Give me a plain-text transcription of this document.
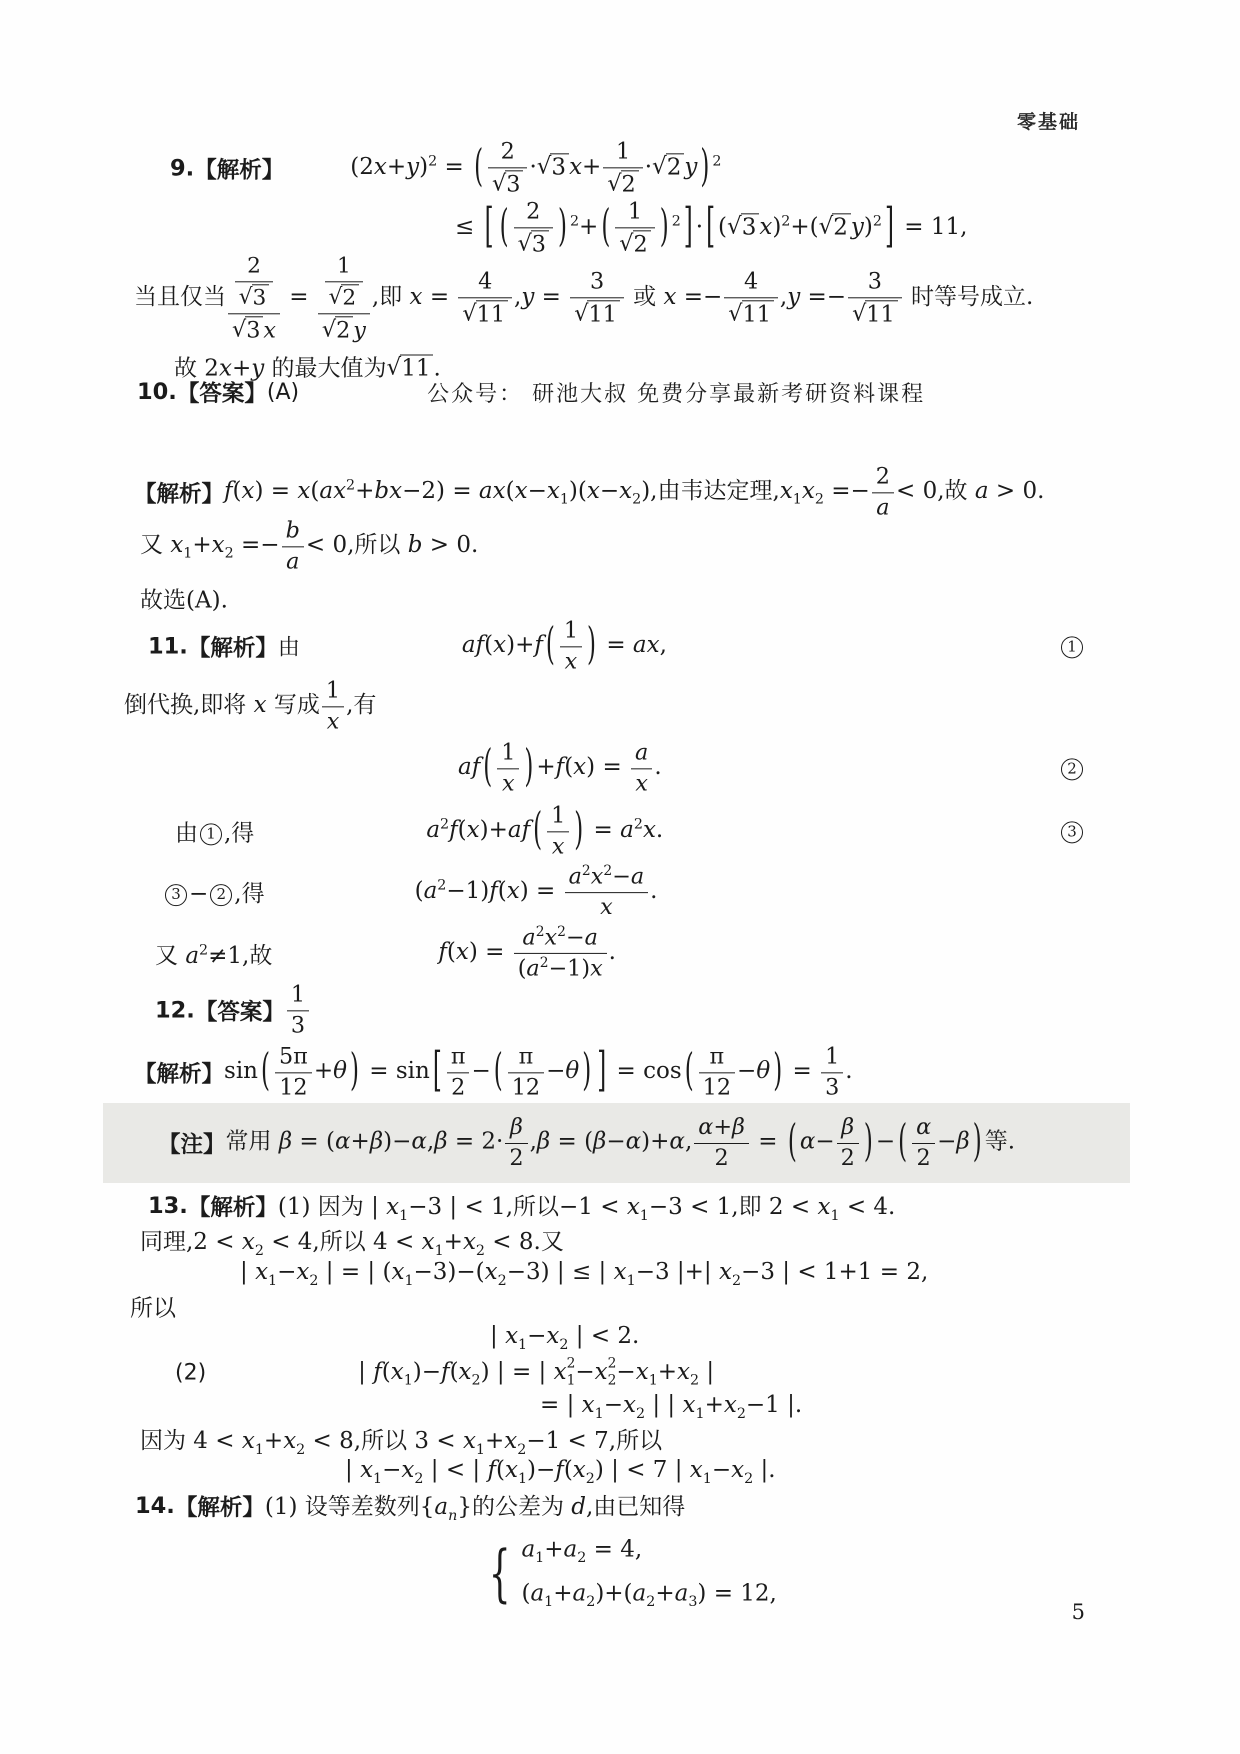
零基础
9. 【解析】	$(2x+y)^2$ = ( $\frac{2}{√3} \cdot√3$ $x+ \frac{1}{√2} \cdot√2$ y ) $^2$
≤ [ ( $\frac{2}{√3}$ ) $^2$+ ( $\frac{1}{√2}$ ) $^2$ ] · [ (√3 x)$^2$+(√2 y)$^2$ ] = 11,
当且仅当 $\frac{\frac{2}{√3}}{√3 x} = \frac{\frac{1}{√2}}{√2 y}$ ,即 $x = \frac{4}{√11} ,y = \frac{3}{√11}$ 或 $x =- \frac{4}{√11} ,y =- \frac{3}{√11}$ 时等号成立.
故 2x+y 的最大值为√11 .
10. 【答案】 (A)	公众号： 研池大叔 免费分享最新考研资料课程
【解析】 $f(x) = x(ax^2+bx-2) = ax(x-x_1)(x-x_2)$,由韦达定理$,x_1x_2 =- \frac{2}{a} < 0$,故 a > 0.
又 $x_1+x_2 =- \frac{b}{a} < 0$,所以 b > 0.
故选(A).
11. 【解析】 由	af(x)+f ( $\frac{1}{x}$ ) = ax,	1
倒代换,即将 x 写成 $\frac{1}{x}$ ,有
af ( $\frac{1}{x}$ ) $+f(x) = \frac{a}{x}$ .	2
由 1 ,得	$a^2f(x)+af$ ( $\frac{1}{x}$ ) = $a^2x$.	3
3 − 2 ,得	$(a^2-1)f(x) = \frac{a^2x^2-a}{x}$ .
又 $a^2\ne 1$,故	$f(x) = \frac{a^2x^2-a}{(a^2-1)x}$ .
12. 【答案】 $\frac{1}{3}$
【解析】 sin ( $\frac{5\pi}{12} +\theta$ ) = sin [ $\frac{\pi}{2}$ − ( $\frac{\pi}{12} -\theta$ ) ] = cos ( $\frac{\pi}{12} -\theta$ ) = $\frac{1}{3}$ .
【注】 常用 $\beta = (\alpha+\beta)-\alpha,\beta = 2\cdot \frac{\beta}{2} ,\beta = (\beta-\alpha)+\alpha$, $\frac{\alpha+\beta}{2}$ = ( $\alpha- \frac{\beta}{2}$ ) − ( $\frac{\alpha}{2} -\beta$ ) 等.
13. 【解析】 (1) 因为 | $x_1-3$ | < 1,所以$-1 < x_1-3 < 1$,即 $2 < x_1 < 4$.
同理$,2 < x_2 < 4$,所以 $4 < x_1+x_2 < 8$.又
| $x_1-x_2$ | = | $(x_1-3)-(x_2-3)$ | ≤ | $x_1-3$ |+| $x_2-3$ | < 1+1 = 2,
所以
| $x_1-x_2$ | < 2.
(2)	| $f(x_1)-f(x_2)$ | = | x 2
1 −x 2
$2 -x_1+x_2$ |
= | $x_1-x_2$ | | $x_1+x_2-1$ |.
因为 $4 < x_1+x_2 < 8$,所以 $3 < x_1+x_2-1 < 7$,所以
| $x_1-x_2$ | < | $f(x_1)-f(x_2)$ | < 7 | $x_1-x_2$ |.
14. 【解析】 (1) 设等差数列$\{a_n\}$的公差为 d,由已知得
{ $a_1+a_2 = 4$,
$(a_1+a_2)+(a_2+a_3) = 12$,
5
